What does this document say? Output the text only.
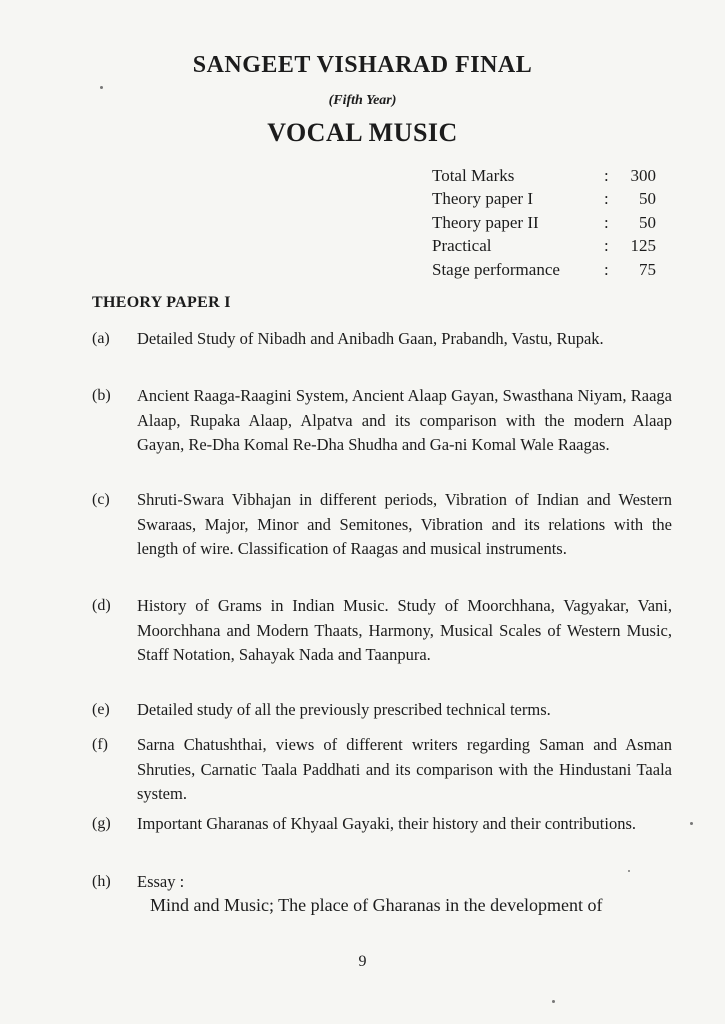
SANGEET VISHARAD FINAL
(Fifth Year)
VOCAL MUSIC
Total Marks	:	300
Theory paper I	:	50
Theory paper II	:	50
Practical	:	125
Stage performance	:	75
THEORY PAPER I
(a)	Detailed Study of Nibadh and Anibadh Gaan, Prabandh, Vastu, Rupak.
(b)	Ancient Raaga-Raagini System, Ancient Alaap Gayan, Swasthana Niyam, Raaga Alaap, Rupaka Alaap, Alpatva and its comparison with the modern Alaap Gayan, Re-Dha Komal Re-Dha Shudha and Ga-ni Komal Wale Raagas.
(c)	Shruti-Swara Vibhajan in different periods, Vibration of Indian and Western Swaraas, Major, Minor and Semitones, Vibration and its relations with the length of wire. Classification of Raagas and musical instruments.
(d)	History of Grams in Indian Music. Study of Moorchhana, Vagyakar, Vani, Moorchhana and Modern Thaats, Harmony, Musical Scales of Western Music, Staff Notation, Sahayak Nada and Taanpura.
(e)	Detailed study of all the previously prescribed technical terms.
(f)	Sarna Chatushthai, views of different writers regarding Saman and Asman Shruties, Carnatic Taala Paddhati and its comparison with the Hindustani Taala system.
(g)	Important Gharanas of Khyaal Gayaki, their history and their contributions.
(h)	Essay :
Mind and Music; The place of Gharanas in the development of
9
